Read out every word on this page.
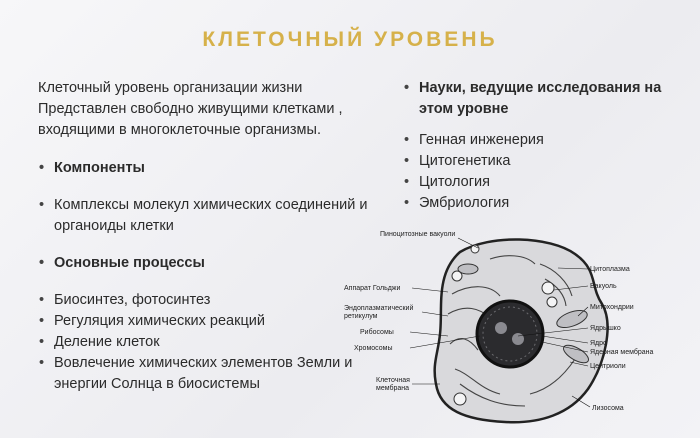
КЛЕТОЧНЫЙ УРОВЕНЬ

Клеточный уровень организации жизни Представлен свободно живущими клетками , входящими в многоклеточные организмы.

• Компоненты
• Комплексы молекул химических соединений и органоиды клетки
• Основные процессы
• Биосинтез, фотосинтез
• Регуляция химических реакций
• Деление клеток
• Вовлечение химических элементов Земли и энергии Солнца в биосистемы
• Науки, ведущие исследования на этом уровне
• Генная инженерия
• Цитогенетика
• Цитология
• Эмбриология
Пиноцитозные вакуоли
Цитоплазма
Аппарат Гольджи	Вакуоль
Эндоплазматический
ретикулум
Митохондрии
Рибосомы
Ядрышко
Ядро
Хромосомы
Ядерная мембрана
Центриоли
Клеточная
мембрана
Лизосома
